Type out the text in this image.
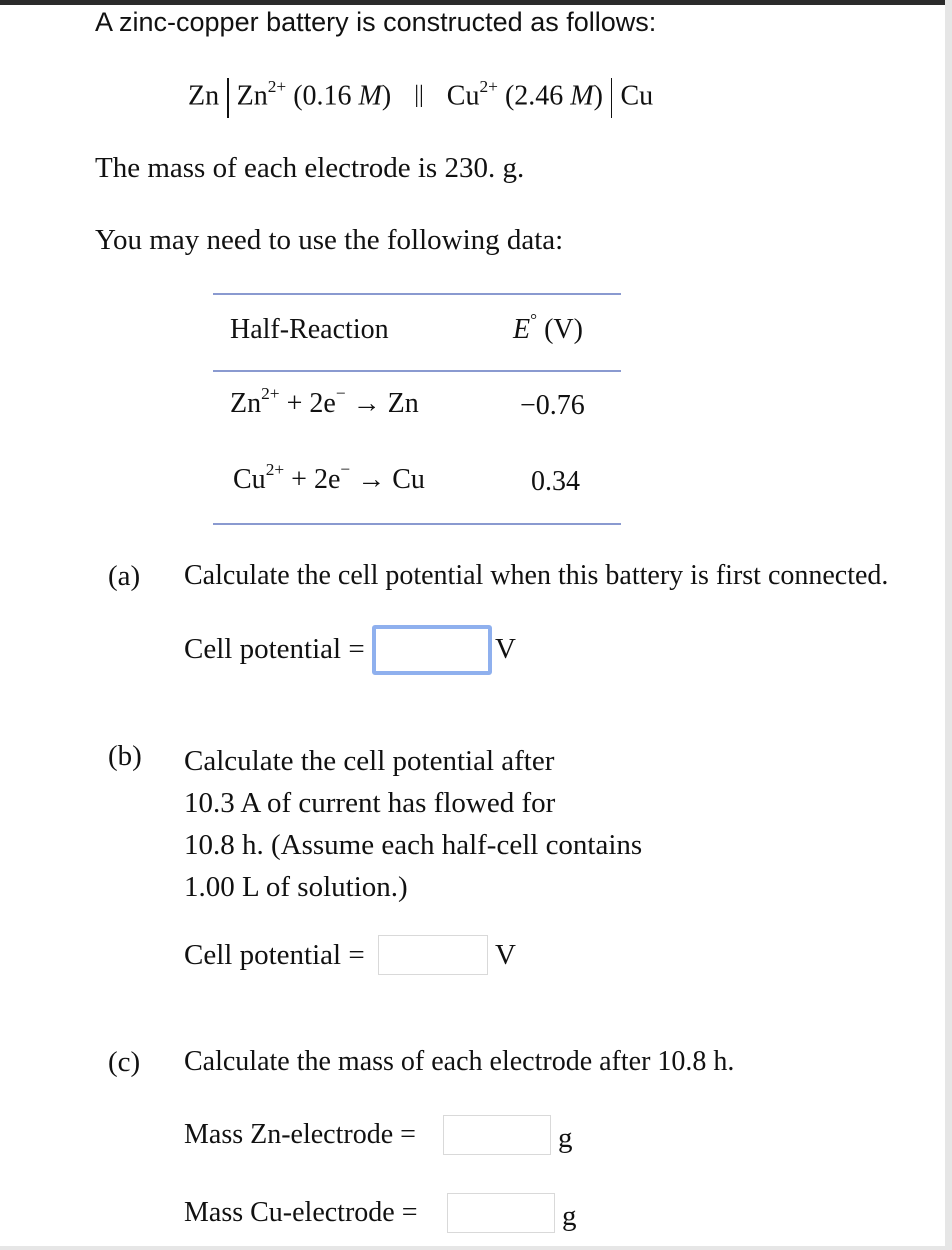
A zinc-copper battery is constructed as follows:
Zn $Zn^{2+}$ (0.16 M) || $Cu^{2+}$ (2.46 M) Cu
The mass of each electrode is 230. g.
You may need to use the following data:
Half-Reaction	E° (V)
$Zn^{2+} + 2e^- \to Zn$	−0.76
$Cu^{2+} + 2e^- \to Cu$	0.34
(a) Calculate the cell potential when this battery is first connected.
Cell potential =	V
(b) Calculate the cell potential after
10.3 A of current has flowed for
10.8 h. (Assume each half-cell contains
1.00 L of solution.)
Cell potential =	V
(c) Calculate the mass of each electrode after 10.8 h.
Mass Zn-electrode =	g
Mass Cu-electrode =	g
